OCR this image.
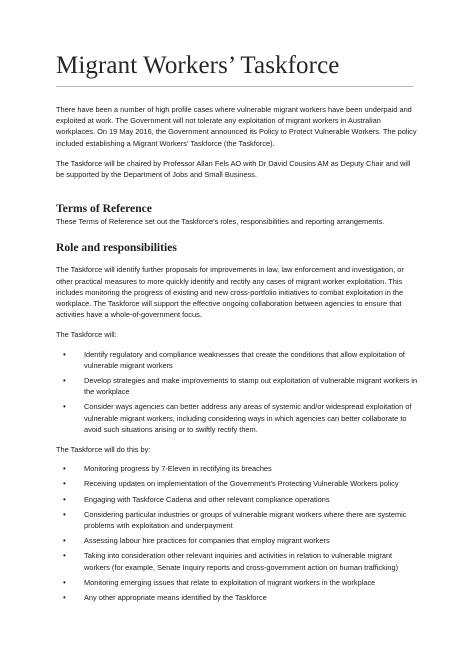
Migrant Workers’ Taskforce

There have been a number of high profile cases where vulnerable migrant workers have been underpaid and exploited at work. The Government will not tolerate any exploitation of migrant workers in Australian workplaces. On 19 May 2016, the Government announced its Policy to Protect Vulnerable Workers. The policy included establishing a Migrant Workers’ Taskforce (the Taskforce).

The Taskforce will be chaired by Professor Allan Fels AO with Dr David Cousins AM as Deputy Chair and will be supported by the Department of Jobs and Small Business.

Terms of Reference

These Terms of Reference set out the Taskforce’s roles, responsibilities and reporting arrangements.

Role and responsibilities

The Taskforce will identify further proposals for improvements in law, law enforcement and investigation, or other practical measures to more quickly identify and rectify any cases of migrant worker exploitation. This includes monitoring the progress of existing and new cross-portfolio initiatives to combat exploitation in the workplace. The Taskforce will support the effective ongoing collaboration between agencies to ensure that activities have a whole-of-government focus.

The Taskforce will:

•	Identify regulatory and compliance weaknesses that create the conditions that allow exploitation of vulnerable migrant workers
•	Develop strategies and make improvements to stamp out exploitation of vulnerable migrant workers in the workplace
•	Consider ways agencies can better address any areas of systemic and/or widespread exploitation of vulnerable migrant workers, including considering ways in which agencies can better collaborate to avoid such situations arising or to swiftly rectify them.

The Taskforce will do this by:

•	Monitoring progress by 7-Eleven in rectifying its breaches
•	Receiving updates on implementation of the Government’s Protecting Vulnerable Workers policy
•	Engaging with Taskforce Cadena and other relevant compliance operations
•	Considering particular industries or groups of vulnerable migrant workers where there are systemic problems with exploitation and underpayment
•	Assessing labour hire practices for companies that employ migrant workers
•	Taking into consideration other relevant inquiries and activities in relation to vulnerable migrant workers (for example, Senate Inquiry reports and cross-government action on human trafficking)
•	Monitoring emerging issues that relate to exploitation of migrant workers in the workplace
•	Any other appropriate means identified by the Taskforce
